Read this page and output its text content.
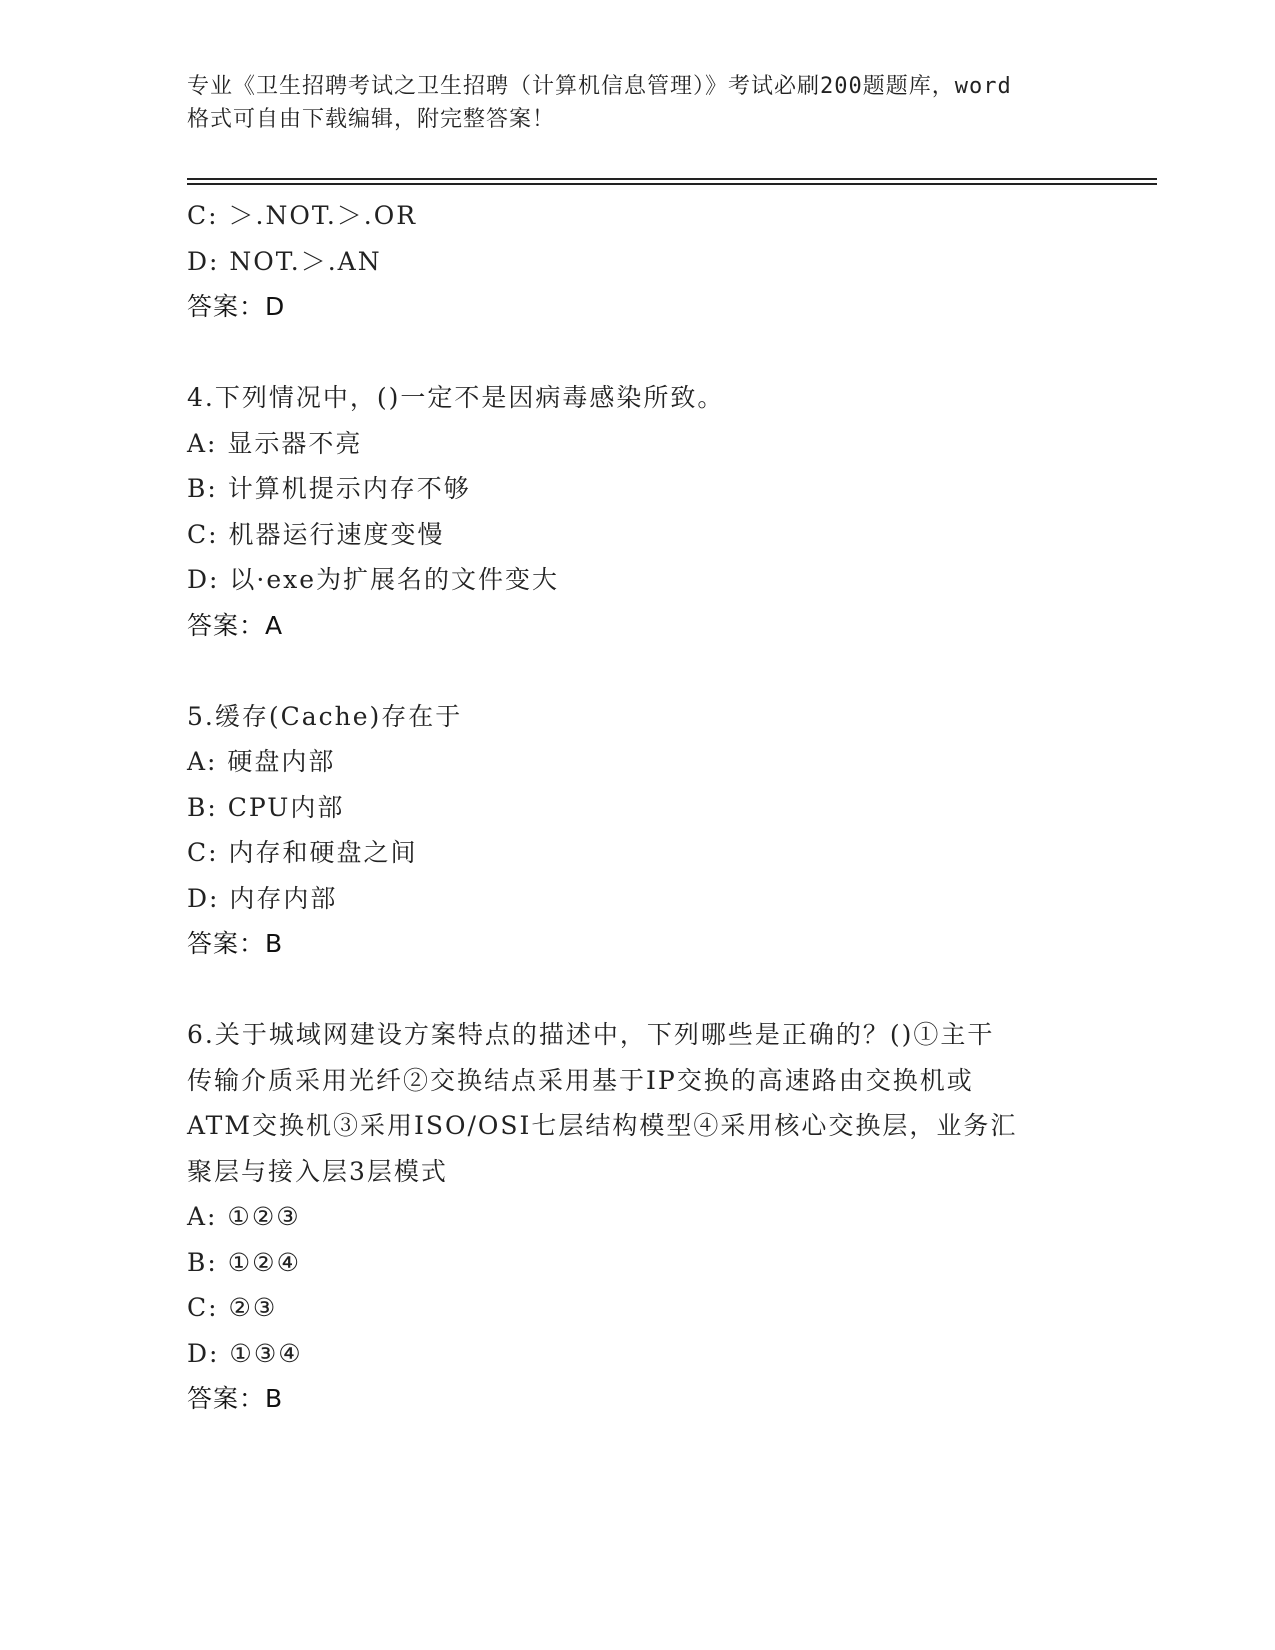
专业《卫生招聘考试之卫生招聘（计算机信息管理）》考试必刷200题题库，word
格式可自由下载编辑，附完整答案！
C: ＞.NOT.＞.OR
D: NOT.＞.AN
答案：D
4.下列情况中，()一定不是因病毒感染所致。
A: 显示器不亮
B: 计算机提示内存不够
C: 机器运行速度变慢
D: 以·exe为扩展名的文件变大
答案：A
5.缓存(Cache)存在于
A: 硬盘内部
B: CPU内部
C: 内存和硬盘之间
D: 内存内部
答案：B
6.关于城域网建设方案特点的描述中，下列哪些是正确的？()①主干
传输介质采用光纤②交换结点采用基于IP交换的高速路由交换机或
ATM交换机③采用ISO/OSI七层结构模型④采用核心交换层，业务汇
聚层与接入层3层模式
A: ①②③
B: ①②④
C: ②③
D: ①③④
答案：B
